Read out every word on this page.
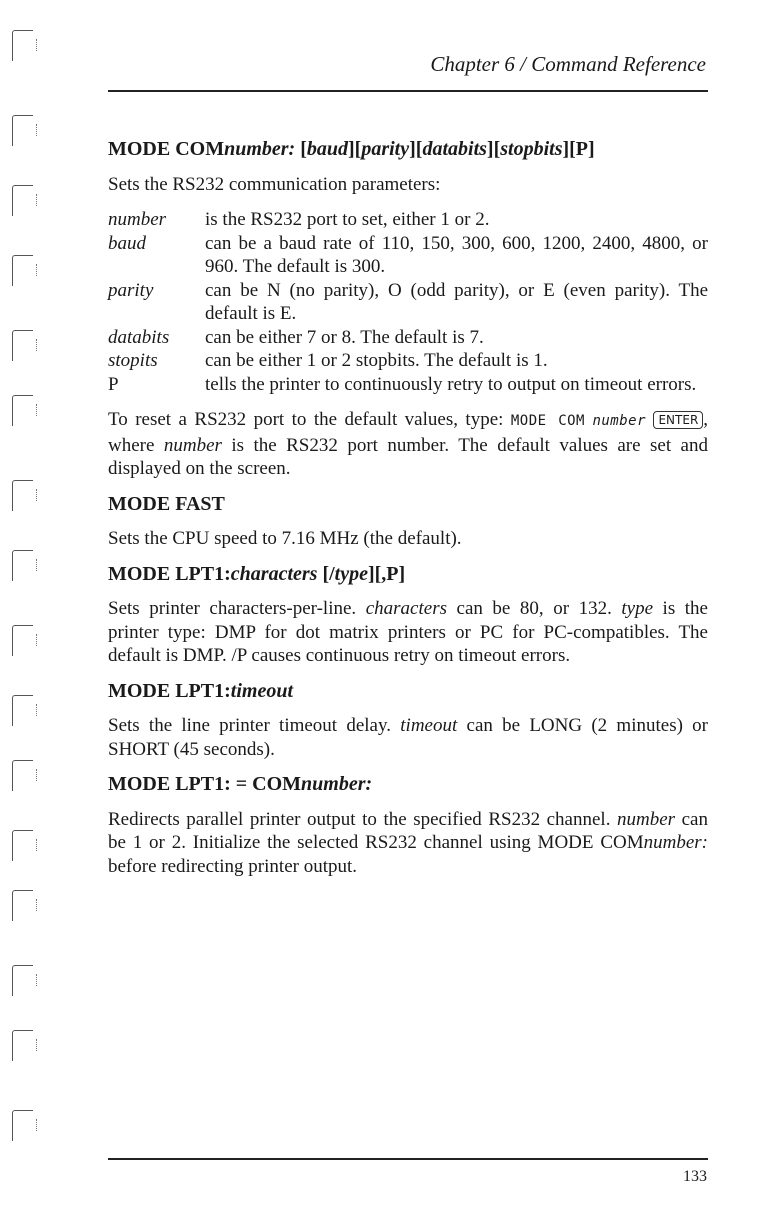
Chapter 6 / Command Reference
MODE COMnumber: [baud][parity][databits][stopbits][P]
Sets the RS232 communication parameters:
number	is the RS232 port to set, either 1 or 2.
baud	can be a baud rate of 110, 150, 300, 600, 1200, 2400, 4800, or 960. The default is 300.
parity	can be N (no parity), O (odd parity), or E (even parity). The default is E.
databits	can be either 7 or 8. The default is 7.
stopits	can be either 1 or 2 stopbits. The default is 1.
P	tells the printer to continuously retry to output on timeout errors.
To reset a RS232 port to the default values, type: MODE COM number ENTER , where number is the RS232 port number. The default values are set and displayed on the screen.
MODE FAST
Sets the CPU speed to 7.16 MHz (the default).
MODE LPT1:characters [/type][,P]
Sets printer characters-per-line. characters can be 80, or 132. type is the printer type: DMP for dot matrix printers or PC for PC-compatibles. The default is DMP. /P causes continuous retry on timeout errors.
MODE LPT1:timeout
Sets the line printer timeout delay. timeout can be LONG (2 minutes) or SHORT (45 seconds).
MODE LPT1: = COMnumber:
Redirects parallel printer output to the specified RS232 channel. number can be 1 or 2. Initialize the selected RS232 channel using MODE COMnumber: before redirecting printer output.
133
